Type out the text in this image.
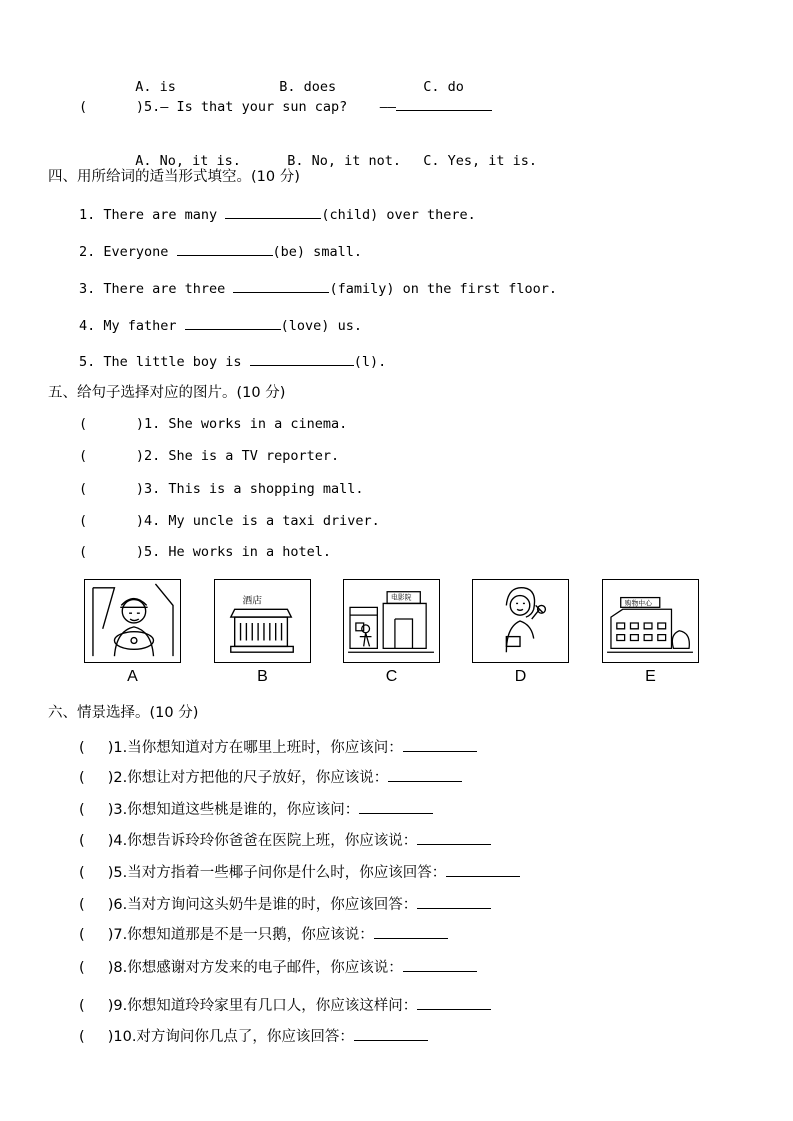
A. is	B. does	C. do

(      )5.— Is that your sun cap? ——

A. No, it is.	B. No, it not. C. Yes, it is.

四、用所给词的适当形式填空。(10 分)
1. There are many	(child) over there.
2. Everyone	(be) small.
3. There are three	(family) on the first floor.
4. My father	(love) us.
5. The little boy is	(l).
五、给句子选择对应的图片。(10 分)
(      )1. She works in a cinema.
(      )2. She is a TV reporter.
(      )3. This is a shopping mall.
(      )4. My uncle is a taxi driver.
(      )5. He works in a hotel.
A
酒店
B
电影院
C	D
购物中心
E
六、情景选择。(10 分)
(     )1.当你想知道对方在哪里上班时，你应该问：
(     )2.你想让对方把他的尺子放好，你应该说：
(     )3.你想知道这些桃是谁的，你应该问：
(     )4.你想告诉玲玲你爸爸在医院上班，你应该说：
(     )5.当对方指着一些椰子问你是什么时，你应该回答：
(     )6.当对方询问这头奶牛是谁的时，你应该回答：
(     )7.你想知道那是不是一只鹅，你应该说：
(     )8.你想感谢对方发来的电子邮件，你应该说：
(     )9.你想知道玲玲家里有几口人，你应该这样问：
(     )10.对方询问你几点了，你应该回答：
